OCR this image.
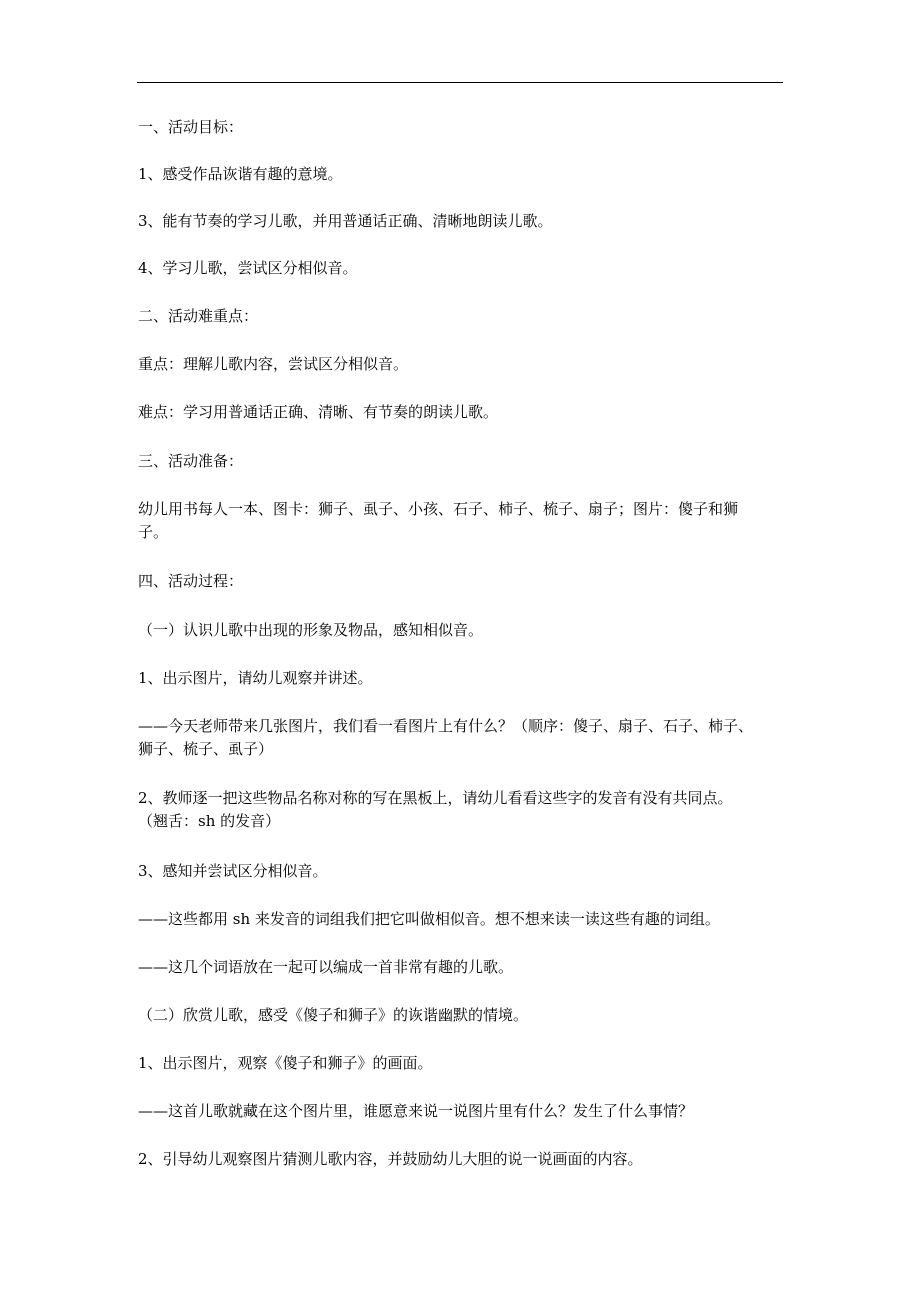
一、活动目标：
1、感受作品诙谐有趣的意境。
3、能有节奏的学习儿歌，并用普通话正确、清晰地朗读儿歌。
4、学习儿歌，尝试区分相似音。
二、活动难重点：
重点：理解儿歌内容，尝试区分相似音。
难点：学习用普通话正确、清晰、有节奏的朗读儿歌。
三、活动准备：
幼儿用书每人一本、图卡：狮子、虱子、小孩、石子、柿子、梳子、扇子；图片：傻子和狮
子。
四、活动过程：
（一）认识儿歌中出现的形象及物品，感知相似音。
1、出示图片，请幼儿观察并讲述。
——今天老师带来几张图片，我们看一看图片上有什么？（顺序：傻子、扇子、石子、柿子、
狮子、梳子、虱子）
2、教师逐一把这些物品名称对称的写在黑板上，请幼儿看看这些字的发音有没有共同点。
（翘舌：sh 的发音）
3、感知并尝试区分相似音。
——这些都用 sh 来发音的词组我们把它叫做相似音。想不想来读一读这些有趣的词组。
——这几个词语放在一起可以编成一首非常有趣的儿歌。
（二）欣赏儿歌，感受《傻子和狮子》的诙谐幽默的情境。
1、出示图片，观察《傻子和狮子》的画面。
——这首儿歌就藏在这个图片里，谁愿意来说一说图片里有什么？发生了什么事情？
2、引导幼儿观察图片猜测儿歌内容，并鼓励幼儿大胆的说一说画面的内容。
